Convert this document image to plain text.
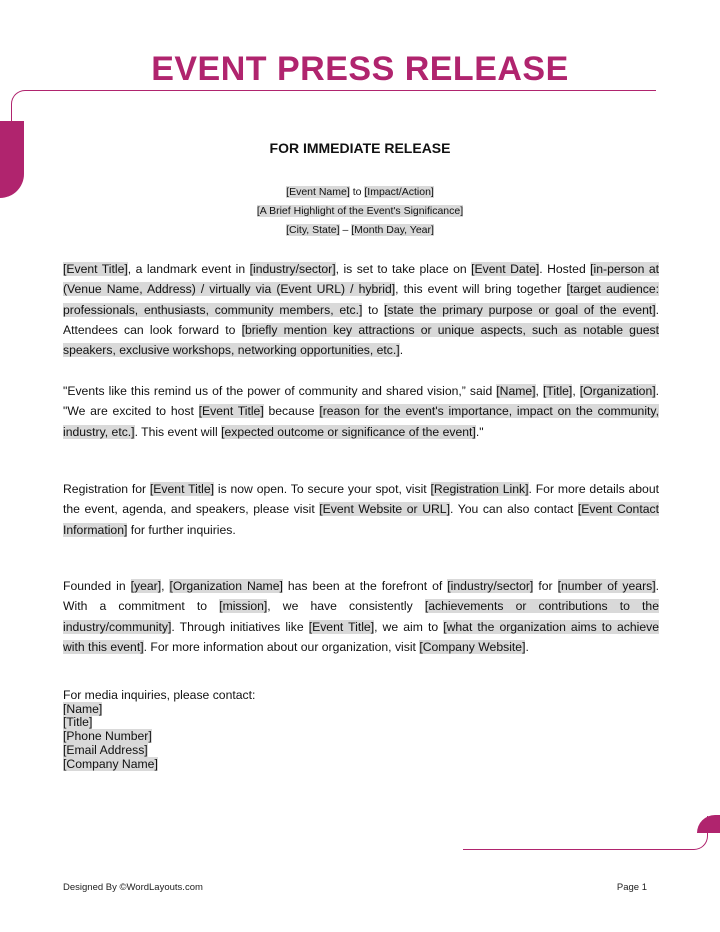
EVENT PRESS RELEASE
FOR IMMEDIATE RELEASE
[Event Name] to [Impact/Action]
[A Brief Highlight of the Event's Significance]
[City, State] – [Month Day, Year]

[Event Title], a landmark event in [industry/sector], is set to take place on [Event Date]. Hosted [in-person at (Venue Name, Address) / virtually via (Event URL) / hybrid], this event will bring together [target audience: professionals, enthusiasts, community members, etc.] to [state the primary purpose or goal of the event]. Attendees can look forward to [briefly mention key attractions or unique aspects, such as notable guest speakers, exclusive workshops, networking opportunities, etc.].

"Events like this remind us of the power of community and shared vision,” said [Name], [Title], [Organization]. "We are excited to host [Event Title] because [reason for the event's importance, impact on the community, industry, etc.]. This event will [expected outcome or significance of the event]."

Registration for [Event Title] is now open. To secure your spot, visit [Registration Link]. For more details about the event, agenda, and speakers, please visit [Event Website or URL]. You can also contact [Event Contact Information] for further inquiries.

Founded in [year], [Organization Name] has been at the forefront of [industry/sector] for [number of years]. With a commitment to [mission], we have consistently [achievements or contributions to the industry/community]. Through initiatives like [Event Title], we aim to [what the organization aims to achieve with this event]. For more information about our organization, visit [Company Website].

For media inquiries, please contact:
[Name]
[Title]
[Phone Number]
[Email Address]
[Company Name]
Designed By ©WordLayouts.com	Page 1
